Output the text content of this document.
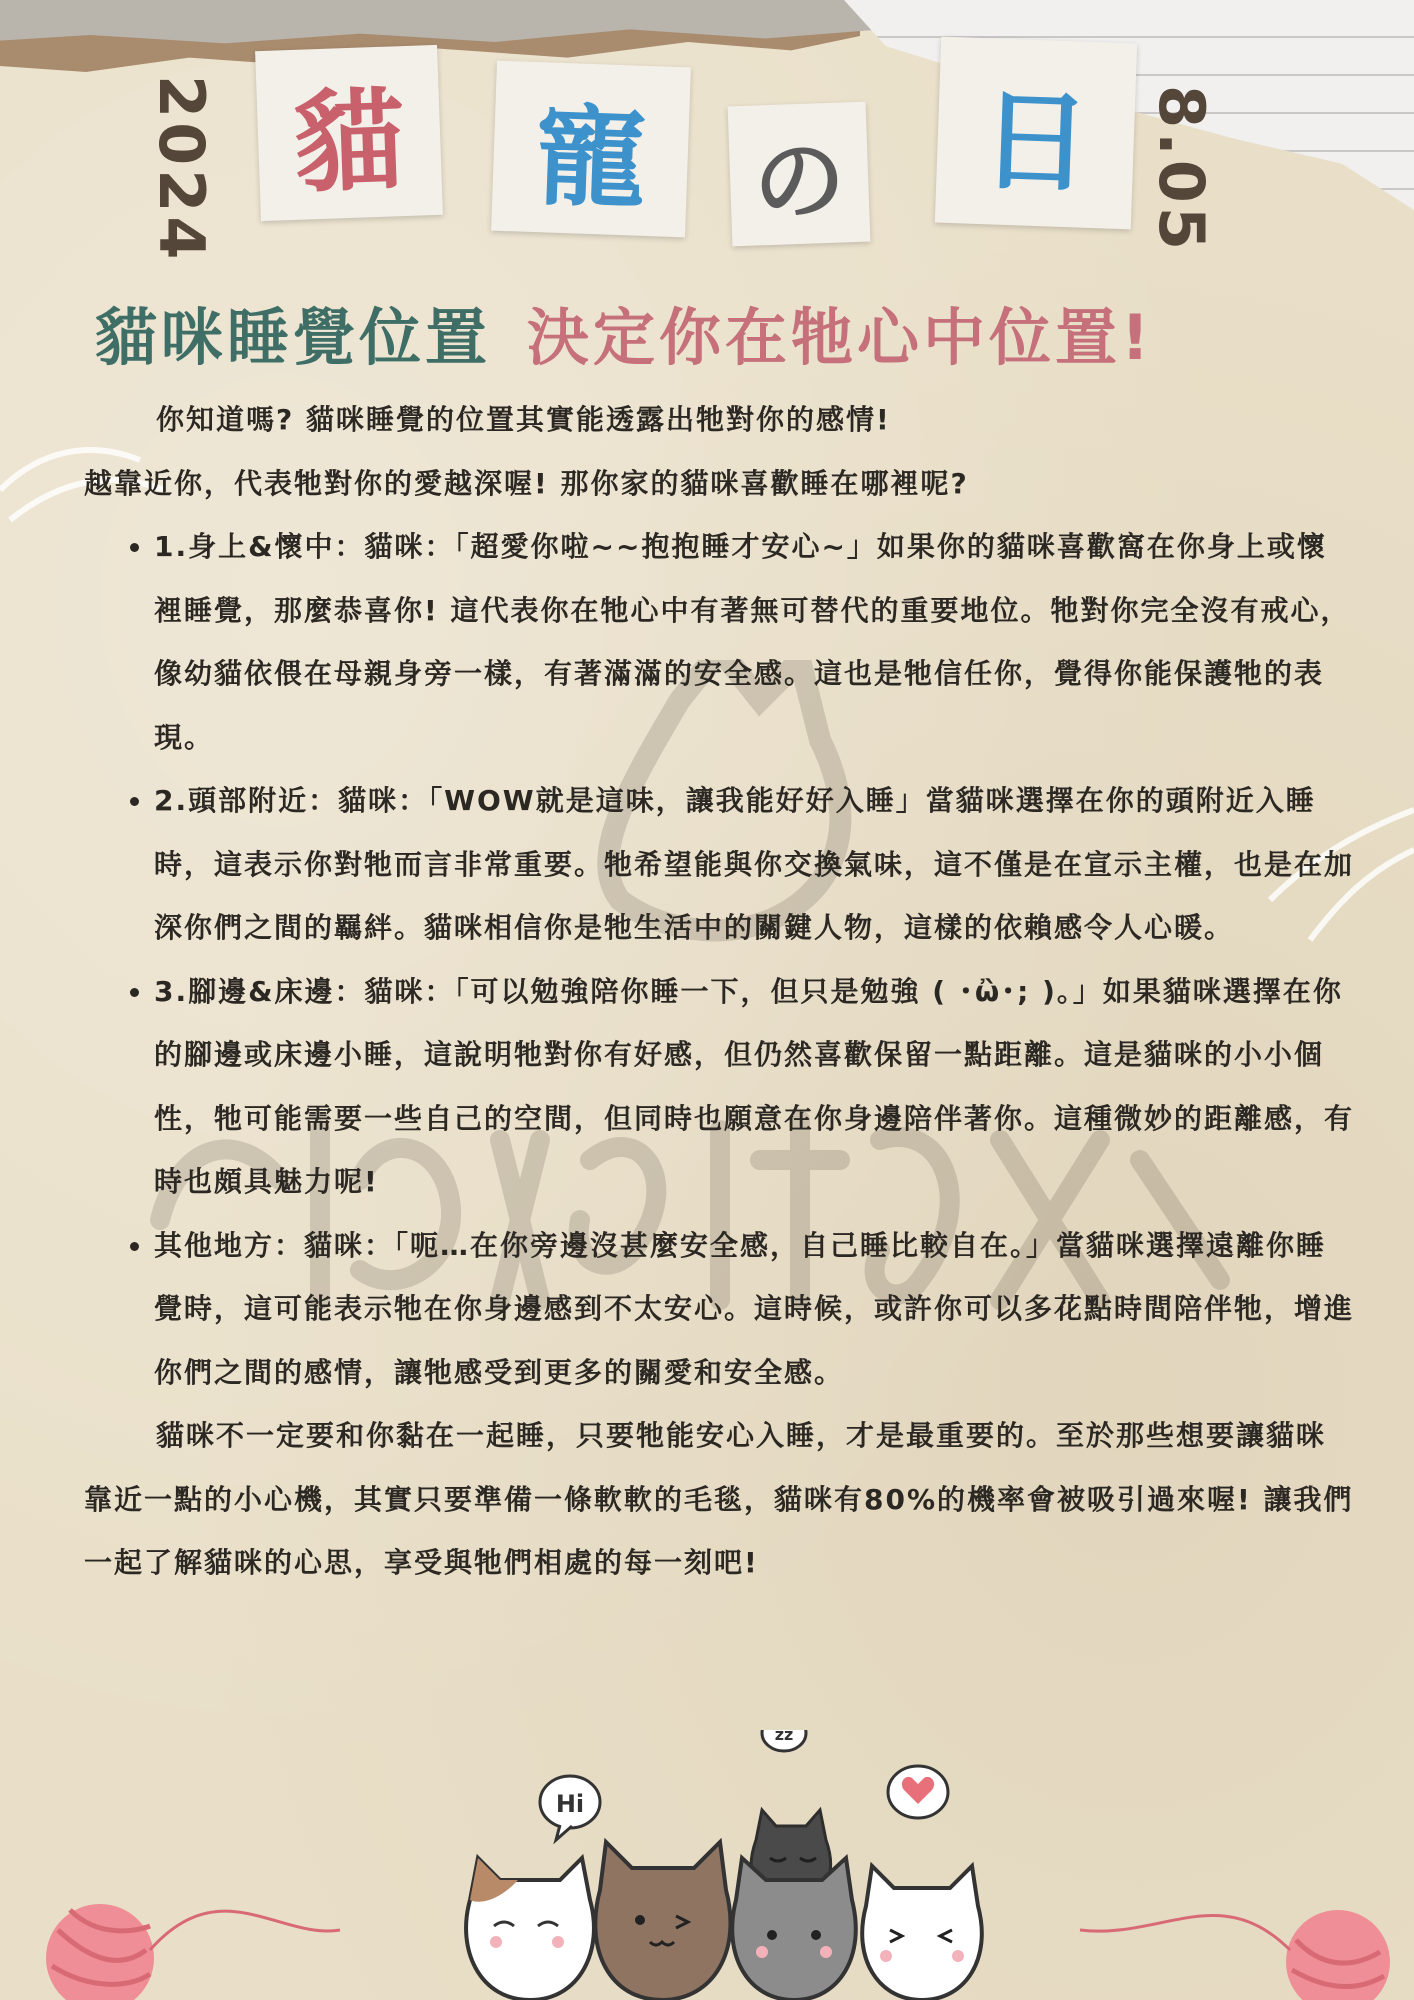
2024	8.05
貓 寵 の 日
貓咪睡覺位置 決定你在牠心中位置!

你知道嗎? 貓咪睡覺的位置其實能透露出牠對你的感情!

越靠近你，代表牠對你的愛越深喔! 那你家的貓咪喜歡睡在哪裡呢?

• 1.身上&懷中：貓咪：「超愛你啦~~抱抱睡才安心~」如果你的貓咪喜歡窩在你身上或懷裡睡覺，那麼恭喜你! 這代表你在牠心中有著無可替代的重要地位。牠對你完全沒有戒心，像幼貓依偎在母親身旁一樣，有著滿滿的安全感。這也是牠信任你，覺得你能保護牠的表現。
• 2.頭部附近：貓咪：「WOW就是這味，讓我能好好入睡」當貓咪選擇在你的頭附近入睡時，這表示你對牠而言非常重要。牠希望能與你交換氣味，這不僅是在宣示主權，也是在加深你們之間的羈絆。貓咪相信你是牠生活中的關鍵人物，這樣的依賴感令人心暖。
• 3.腳邊&床邊：貓咪：「可以勉強陪你睡一下，但只是勉強 ( ･ὢ･; )。」如果貓咪選擇在你的腳邊或床邊小睡，這說明牠對你有好感，但仍然喜歡保留一點距離。這是貓咪的小小個性，牠可能需要一些自己的空間，但同時也願意在你身邊陪伴著你。這種微妙的距離感，有時也頗具魅力呢!
• 其他地方：貓咪：「呃…在你旁邊沒甚麼安全感，自己睡比較自在。」當貓咪選擇遠離你睡覺時，這可能表示牠在你身邊感到不太安心。這時候，或許你可以多花點時間陪伴牠，增進你們之間的感情，讓牠感受到更多的關愛和安全感。

貓咪不一定要和你黏在一起睡，只要牠能安心入睡，才是最重要的。至於那些想要讓貓咪靠近一點的小心機，其實只要準備一條軟軟的毛毯，貓咪有80%的機率會被吸引過來喔! 讓我們一起了解貓咪的心思，享受與牠們相處的每一刻吧!

Hi
zz
